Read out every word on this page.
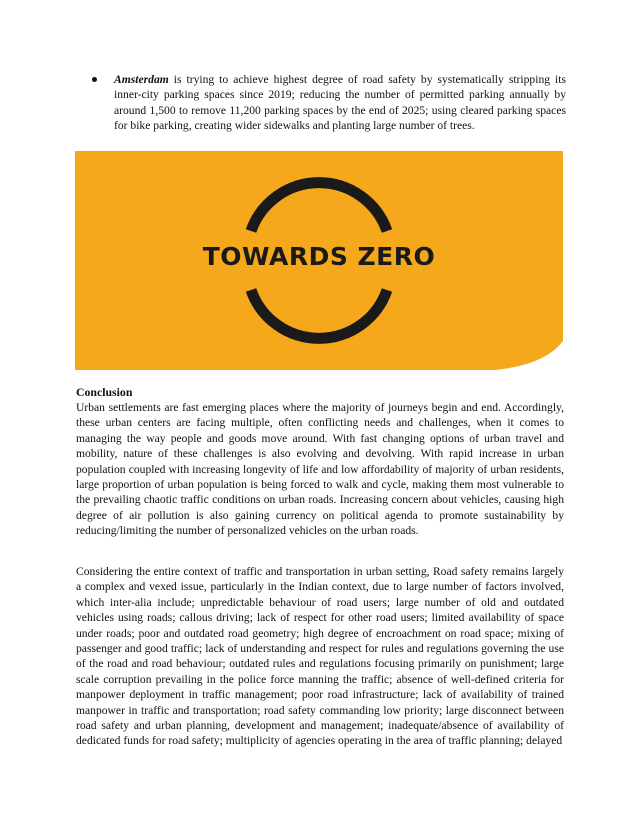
Amsterdam is trying to achieve highest degree of road safety by systematically stripping its inner-city parking spaces since 2019; reducing the number of permitted parking annually by around 1,500 to remove 11,200 parking spaces by the end of 2025; using cleared parking spaces for bike parking, creating wider sidewalks and planting large number of trees.
TOWARDS ZERO
Conclusion

Urban settlements are fast emerging places where the majority of journeys begin and end. Accordingly, these urban centers are facing multiple, often conflicting needs and challenges, when it comes to managing the way people and goods move around. With fast changing options of urban travel and mobility, nature of these challenges is also evolving and devolving. With rapid increase in urban population coupled with increasing longevity of life and low affordability of majority of urban residents, large proportion of urban population is being forced to walk and cycle, making them most vulnerable to the prevailing chaotic traffic conditions on urban roads. Increasing concern about vehicles, causing high degree of air pollution is also gaining currency on political agenda to promote sustainability by reducing/limiting the number of personalized vehicles on the urban roads.

Considering the entire context of traffic and transportation in urban setting, Road safety remains largely a complex and vexed issue, particularly in the Indian context, due to large number of factors involved, which inter-alia include; unpredictable behaviour of road users; large number of old and outdated vehicles using roads; callous driving; lack of respect for other road users; limited availability of space under roads; poor and outdated road geometry; high degree of encroachment on road space; mixing of passenger and good traffic; lack of understanding and respect for rules and regulations governing the use of the road and road behaviour; outdated rules and regulations focusing primarily on punishment; large scale corruption prevailing in the police force manning the traffic; absence of well-defined criteria for manpower deployment in traffic management; poor road infrastructure; lack of availability of trained manpower in traffic and transportation; road safety commanding low priority; large disconnect between road safety and urban planning, development and management; inadequate/absence of availability of dedicated funds for road safety; multiplicity of agencies operating in the area of traffic planning; delayed
